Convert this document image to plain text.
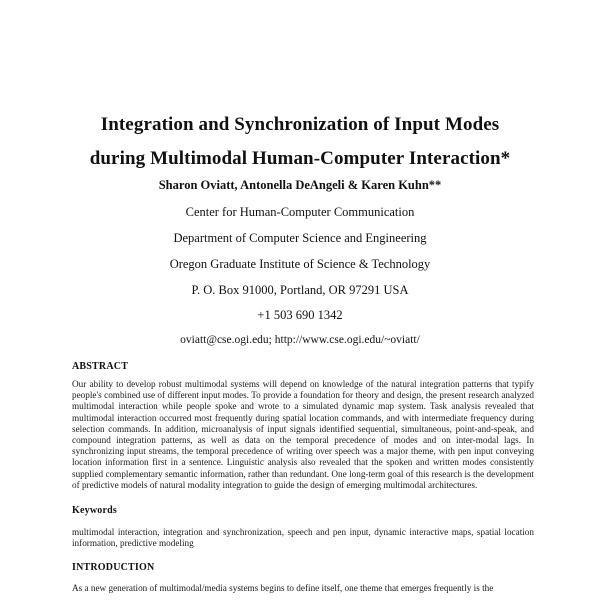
Integration and Synchronization of Input Modes
during Multimodal Human-Computer Interaction*
Sharon Oviatt, Antonella DeAngeli & Karen Kuhn**
Center for Human-Computer Communication
Department of Computer Science and Engineering
Oregon Graduate Institute of Science & Technology
P. O. Box 91000, Portland, OR 97291 USA
+1 503 690 1342
oviatt@cse.ogi.edu; http://www.cse.ogi.edu/~oviatt/
ABSTRACT
Our ability to develop robust multimodal systems will depend on knowledge of the natural integration patterns that typify people's combined use of different input modes. To provide a foundation for theory and design, the present research analyzed multimodal interaction while people spoke and wrote to a simulated dynamic map system. Task analysis revealed that multimodal interaction occurred most frequently during spatial location commands, and with intermediate frequency during selection commands. In addition, microanalysis of input signals identified sequential, simultaneous, point-and-speak, and compound integration patterns, as well as data on the temporal precedence of modes and on inter-modal lags. In synchronizing input streams, the temporal precedence of writing over speech was a major theme, with pen input conveying location information first in a sentence. Linguistic analysis also revealed that the spoken and written modes consistently supplied complementary semantic information, rather than redundant. One long-term goal of this research is the development of predictive models of natural modality integration to guide the design of emerging multimodal architectures.
Keywords
multimodal interaction, integration and synchronization, speech and pen input, dynamic interactive maps, spatial location information, predictive modeling
INTRODUCTION
As a new generation of multimodal/media systems begins to define itself, one theme that emerges frequently is the
